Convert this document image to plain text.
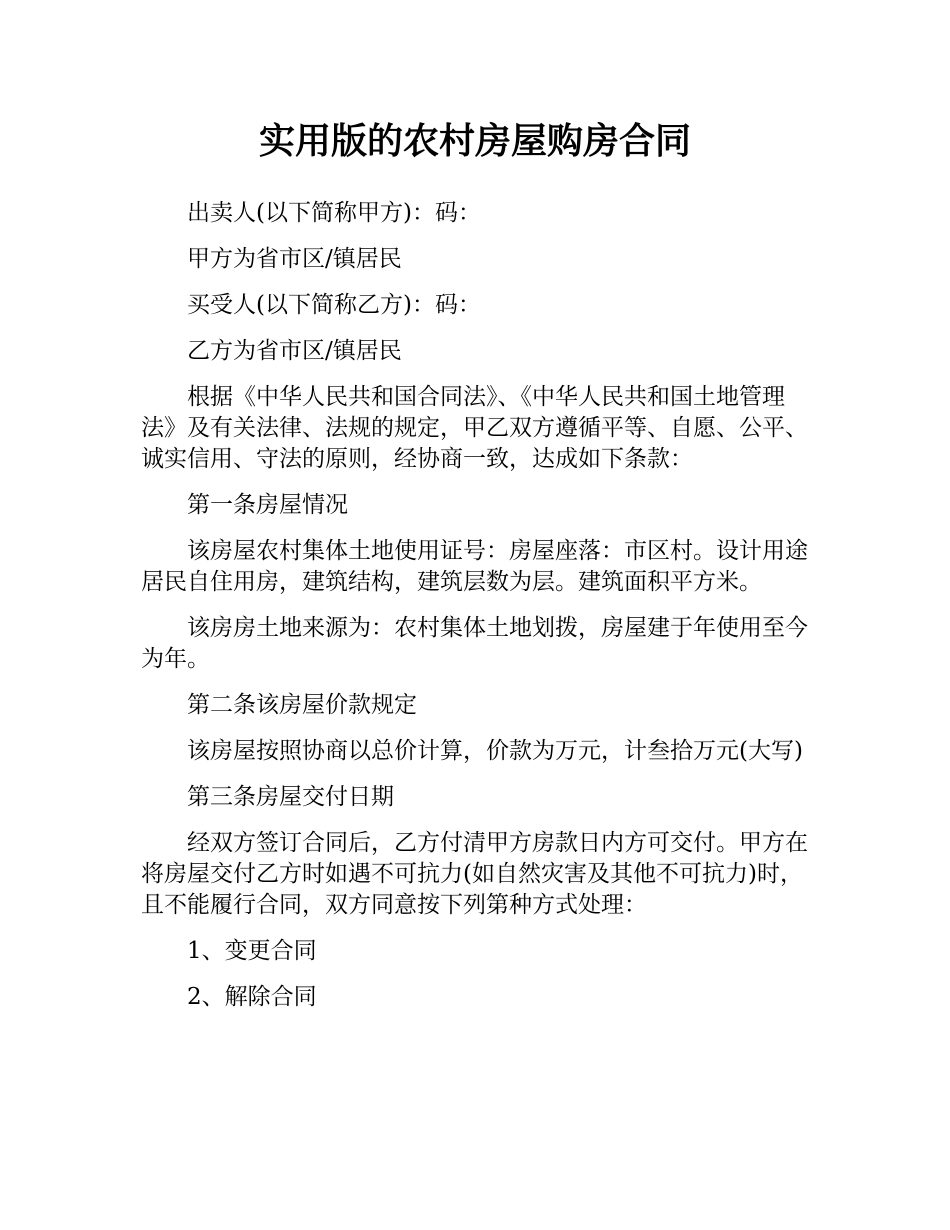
实用版的农村房屋购房合同

出卖人(以下简称甲方)：码：

甲方为省市区/镇居民

买受人(以下简称乙方)：码：

乙方为省市区/镇居民

根据《中华人民共和国合同法》、《中华人民共和国土地管理法》及有关法律、法规的规定，甲乙双方遵循平等、自愿、公平、诚实信用、守法的原则，经协商一致，达成如下条款：

第一条房屋情况

该房屋农村集体土地使用证号：房屋座落：市区村。设计用途居民自住用房，建筑结构，建筑层数为层。建筑面积平方米。

该房房土地来源为：农村集体土地划拨，房屋建于年使用至今为年。

第二条该房屋价款规定

该房屋按照协商以总价计算，价款为万元，计叁拾万元(大写)

第三条房屋交付日期

经双方签订合同后，乙方付清甲方房款日内方可交付。甲方在将房屋交付乙方时如遇不可抗力(如自然灾害及其他不可抗力)时，且不能履行合同，双方同意按下列第种方式处理：

1、变更合同

2、解除合同
